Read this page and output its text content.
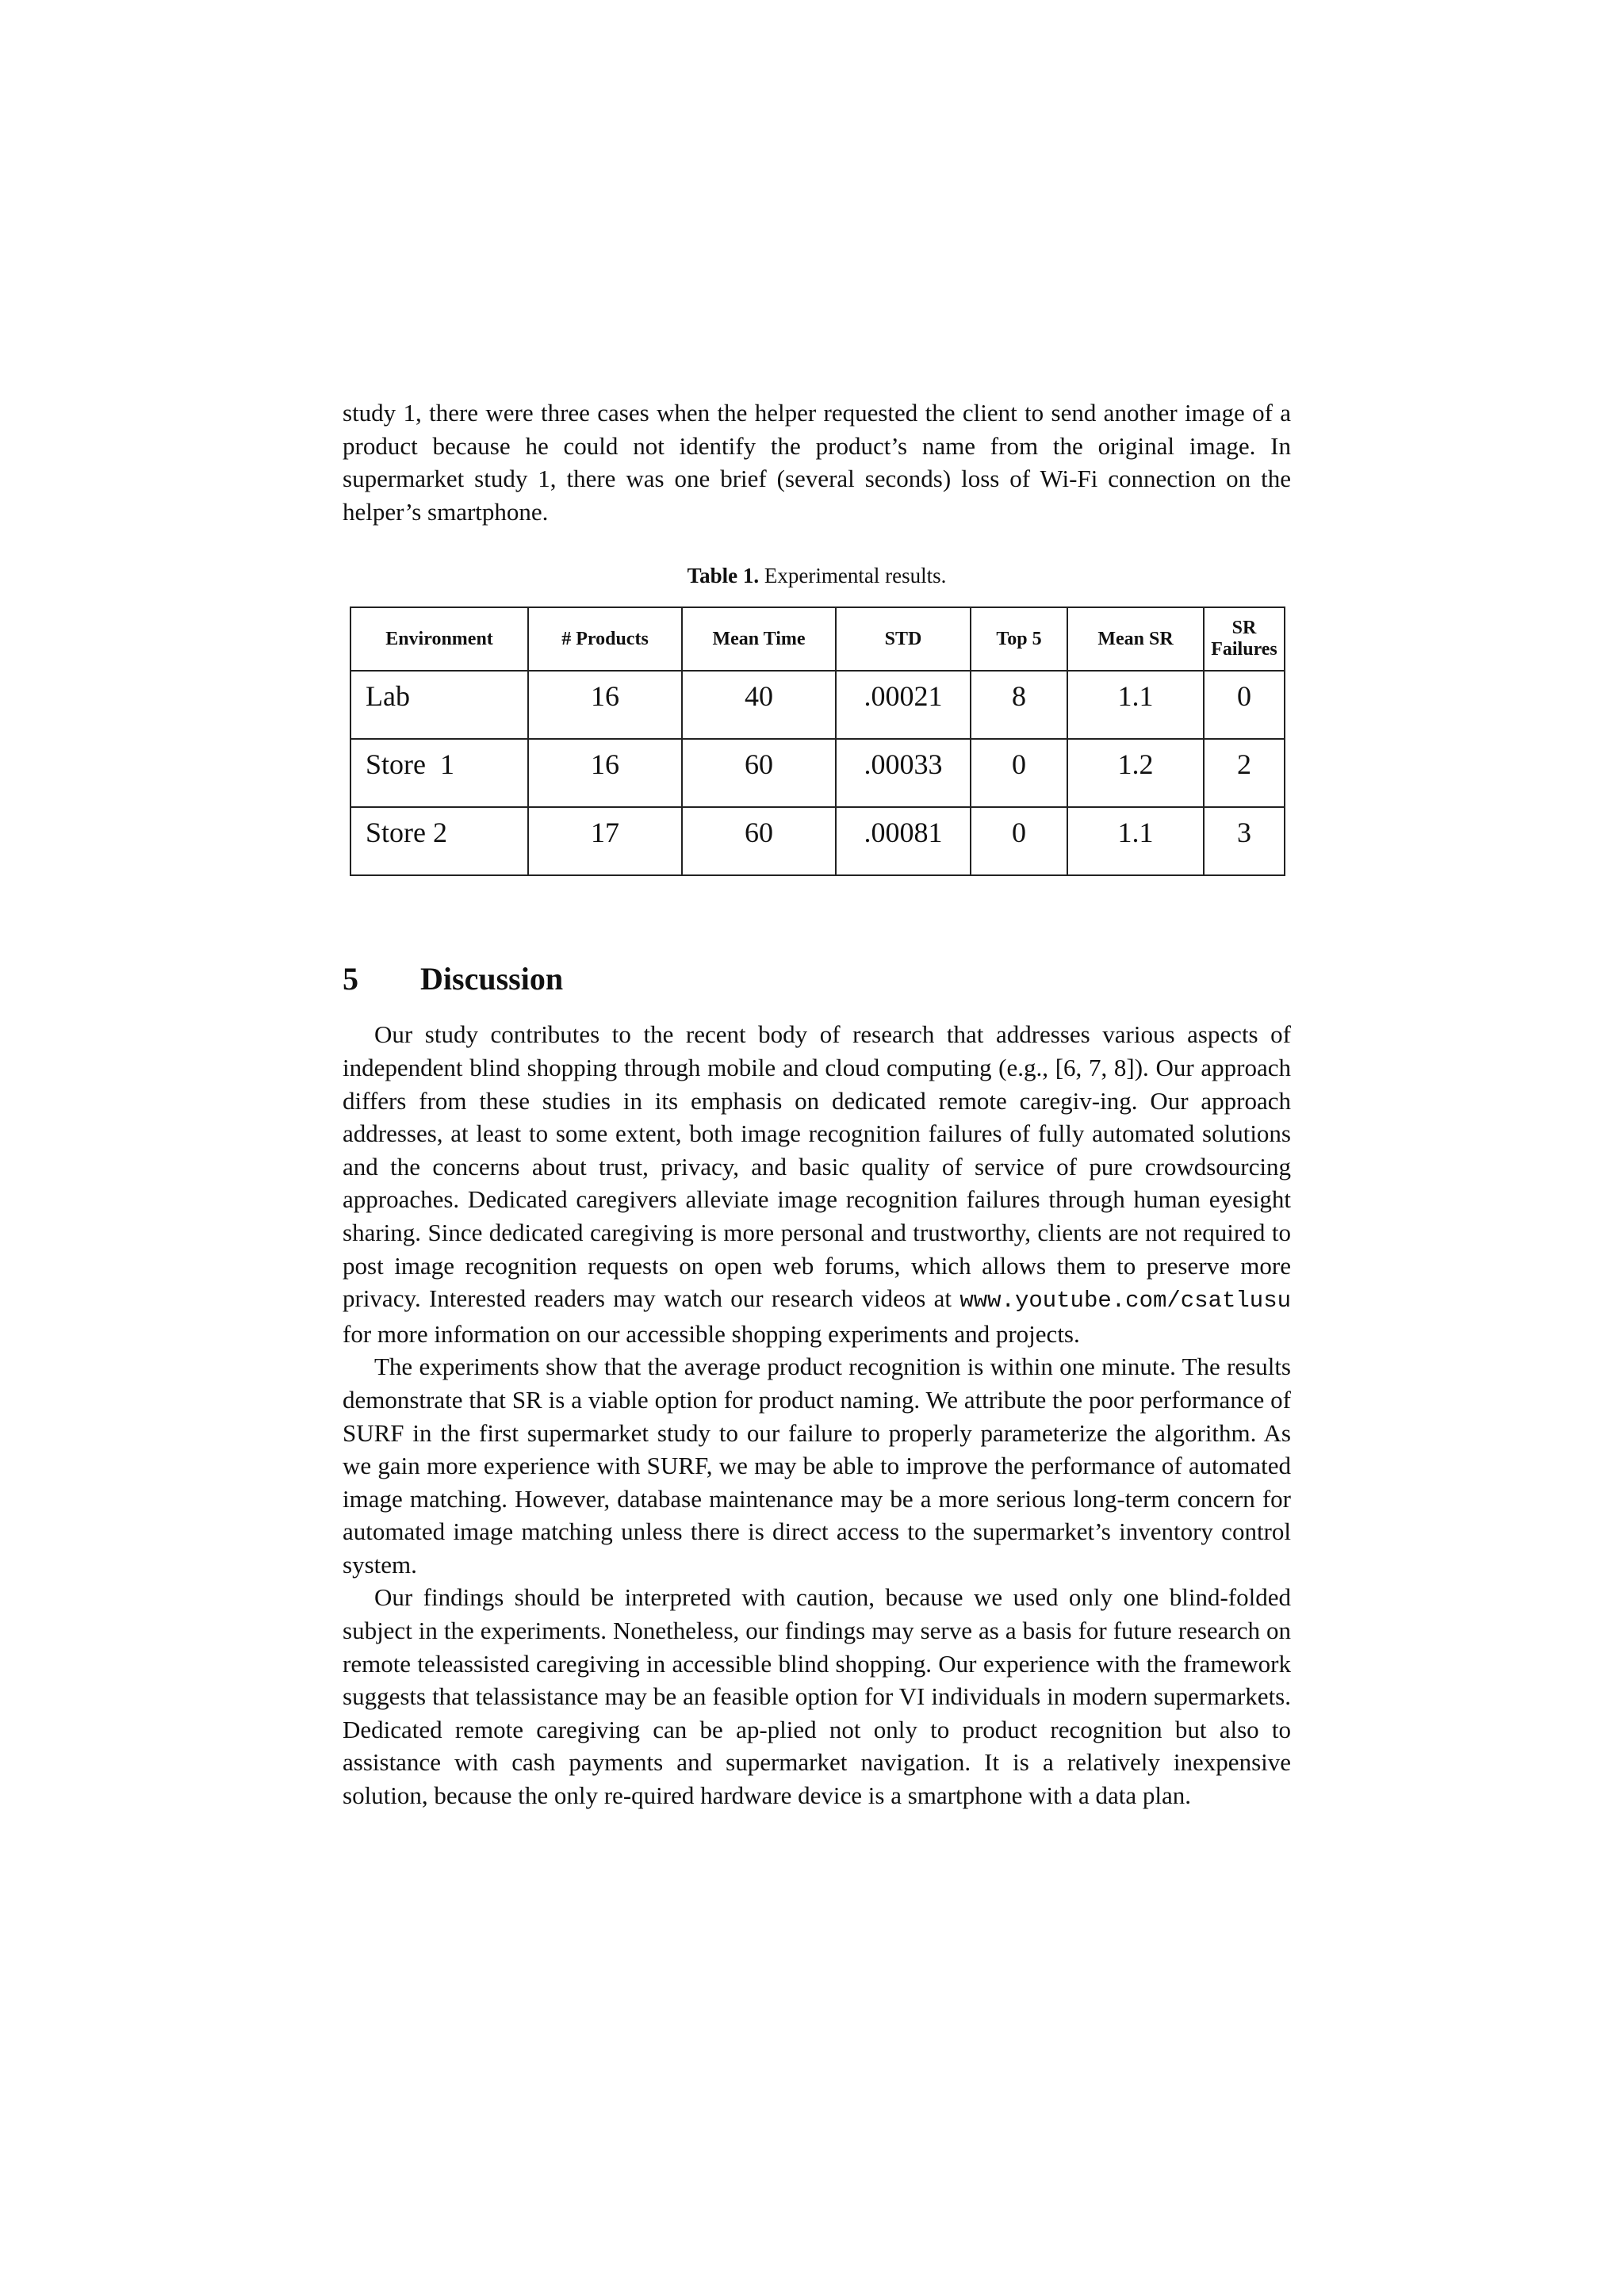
study 1, there were three cases when the helper requested the client to send another image of a product because he could not identify the product’s name from the original image. In supermarket study 1, there was one brief (several seconds) loss of Wi-Fi connection on the helper’s smartphone.

Table 1. Experimental results.
Environment	# Products	Mean Time	STD	Top 5	Mean SR	SR Failures
Lab	16	40	.00021	8	1.1	0
Store  1	16	60	.00033	0	1.2	2
Store 2	17	60	.00081	0	1.1	3
5	Discussion

Our study contributes to the recent body of research that addresses various aspects of independent blind shopping through mobile and cloud computing (e.g., [6, 7, 8]). Our approach differs from these studies in its emphasis on dedicated remote caregiv-ing. Our approach addresses, at least to some extent, both image recognition failures of fully automated solutions and the concerns about trust, privacy, and basic quality of service of pure crowdsourcing approaches. Dedicated caregivers alleviate image recognition failures through human eyesight sharing. Since dedicated caregiving is more personal and trustworthy, clients are not required to post image recognition requests on open web forums, which allows them to preserve more privacy. Interested readers may watch our research videos at www.youtube.com/csatlusu for more information on our accessible shopping experiments and projects.

The experiments show that the average product recognition is within one minute. The results demonstrate that SR is a viable option for product naming. We attribute the poor performance of SURF in the first supermarket study to our failure to properly parameterize the algorithm. As we gain more experience with SURF, we may be able to improve the performance of automated image matching. However, database maintenance may be a more serious long-term concern for automated image matching unless there is direct access to the supermarket’s inventory control system.

Our findings should be interpreted with caution, because we used only one blind-folded subject in the experiments. Nonetheless, our findings may serve as a basis for future research on remote teleassisted caregiving in accessible blind shopping. Our experience with the framework suggests that telassistance may be an feasible option for VI individuals in modern supermarkets. Dedicated remote caregiving can be ap-plied not only to product recognition but also to assistance with cash payments and supermarket navigation. It is a relatively inexpensive solution, because the only re-quired hardware device is a smartphone with a data plan.
